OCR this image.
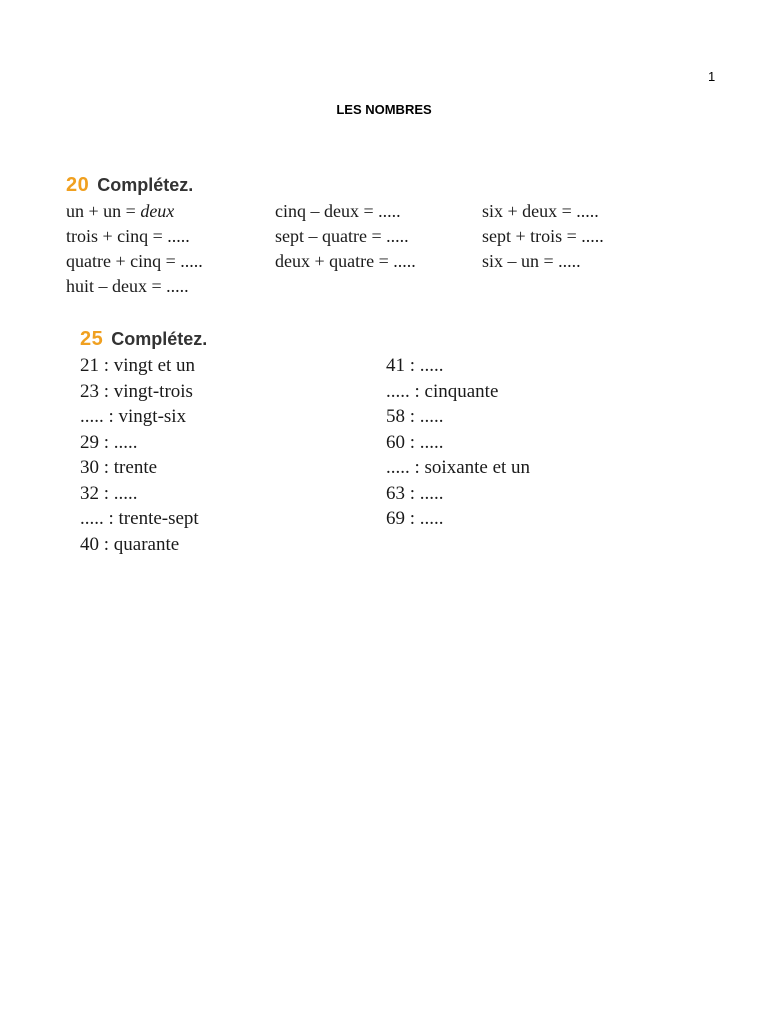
1
LES NOMBRES
20 Complétez.
un + un = deux
trois + cinq = .....
quatre + cinq = .....
huit – deux = .....
cinq – deux = .....
sept – quatre = .....
deux + quatre = .....
six + deux = .....
sept + trois = .....
six – un = .....
25 Complétez.
21 : vingt et un
23 : vingt-trois
..... : vingt-six
29 : .....
30 : trente
32 : .....
..... : trente-sept
40 : quarante
41 : .....
..... : cinquante
58 : .....
60 : .....
..... : soixante et un
63 : .....
69 : .....
